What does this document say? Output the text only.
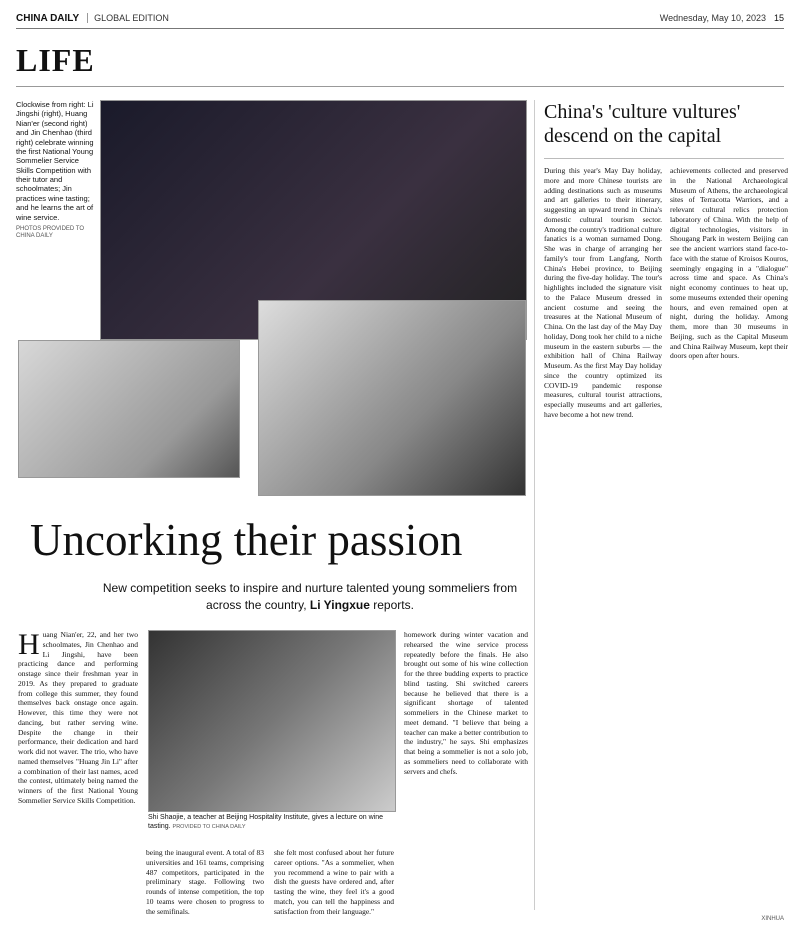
CHINA DAILY	GLOBAL EDITION	Wednesday, May 10, 2023 15
LIFE
Clockwise from right: Li Jingshi (right), Huang Nian'er (second right) and Jin Chenhao (third right) celebrate winning the first National Young Sommelier Service Skills Competition with their tutor and schoolmates; Jin practices wine tasting; and he learns the art of wine service.
PHOTOS PROVIDED TO CHINA DAILY
Uncorking their passion
New competition seeks to inspire and nurture talented young sommeliers from across the country, Li Yingxue reports.
H uang Nian'er, 22, and her two schoolmates, Jin Chenhao and Li Jingshi, have been practicing dance and performing onstage since their freshman year in 2019. As they prepared to graduate from college this summer, they found themselves back onstage once again. However, this time they were not dancing, but rather serving wine. Despite the change in their performance, their dedication and hard work did not waver. The trio, who have named themselves "Huang Jin Li" after a combination of their last names, aced the contest, ultimately being named the winners of the first National Young Sommelier Service Skills Competition.
Shi Shaojie, a teacher at Beijing Hospitality Institute, gives a lecture on wine tasting. PROVIDED TO CHINA DAILY
being the inaugural event. A total of 83 universities and 161 teams, comprising 487 competitors, participated in the preliminary stage. Following two rounds of intense competition, the top 10 teams were chosen to progress to the semifinals.
she felt most confused about her future career options. "As a sommelier, when you recommend a wine to pair with a dish the guests have ordered and, after tasting the wine, they feel it's a good match, you can tell the happiness and satisfaction from their language."
homework during winter vacation and rehearsed the wine service process repeatedly before the finals. He also brought out some of his wine collection for the three budding experts to practice blind tasting. Shi switched careers because he believed that there is a significant shortage of talented sommeliers in the Chinese market to meet demand. "I believe that being a teacher can make a better contribution to the industry," he says. Shi emphasizes that being a sommelier is not a solo job, as sommeliers need to collaborate with servers and chefs.
China's 'culture vultures' descend on the capital
During this year's May Day holiday, more and more Chinese tourists are adding destinations such as museums and art galleries to their itinerary, suggesting an upward trend in China's domestic cultural tourism sector. Among the country's traditional culture fanatics is a woman surnamed Dong. She was in charge of arranging her family's tour from Langfang, North China's Hebei province, to Beijing during the five-day holiday. The tour's highlights included the signature visit to the Palace Museum dressed in ancient costume and seeing the treasures at the National Museum of China. On the last day of the May Day holiday, Dong took her child to a niche museum in the eastern suburbs — the exhibition hall of China Railway Museum. As the first May Day holiday since the country optimized its COVID-19 pandemic response measures, cultural tourist attractions, especially museums and art galleries, have become a hot new trend.
achievements collected and preserved in the National Archaeological Museum of Athens, the archaeological sites of Terracotta Warriors, and a relevant cultural relics protection laboratory of China. With the help of digital technologies, visitors in Shougang Park in western Beijing can see the ancient warriors stand face-to-face with the statue of Kroisos Kouros, seemingly engaging in a "dialogue" across time and space. As China's night economy continues to heat up, some museums extended their opening hours, and even remained open at night, during the holiday. Among them, more than 30 museums in Beijing, such as the Capital Museum and China Railway Museum, kept their doors open after hours.
XINHUA
